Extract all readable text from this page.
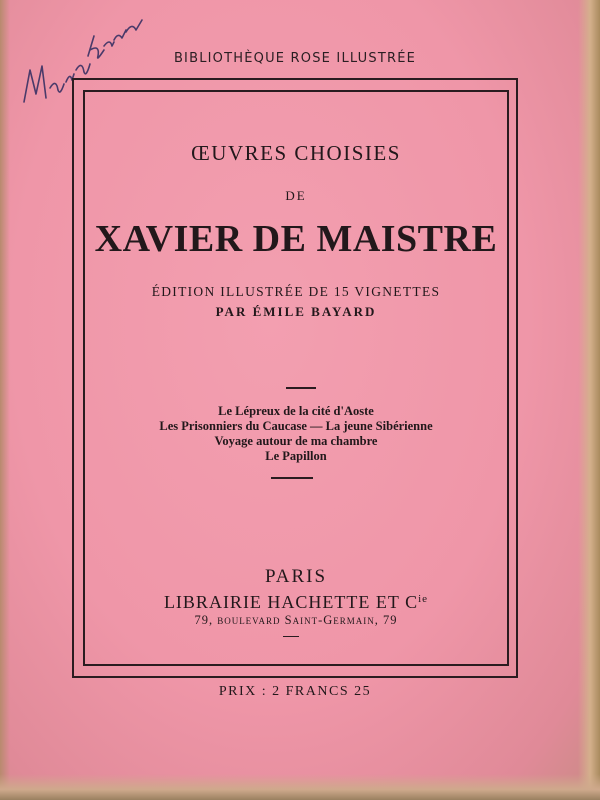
BIBLIOTHÈQUE ROSE ILLUSTRÉE
ŒUVRES CHOISIES
DE
XAVIER DE MAISTRE
ÉDITION ILLUSTRÉE DE 15 VIGNETTES
PAR ÉMILE BAYARD
Le Lépreux de la cité d'Aoste
Les Prisonniers du Caucase — La jeune Sibérienne
Voyage autour de ma chambre
Le Papillon
PARIS
LIBRAIRIE HACHETTE ET $C^{ie}$
79, boulevard Saint-Germain, 79
PRIX : 2 FRANCS 25
